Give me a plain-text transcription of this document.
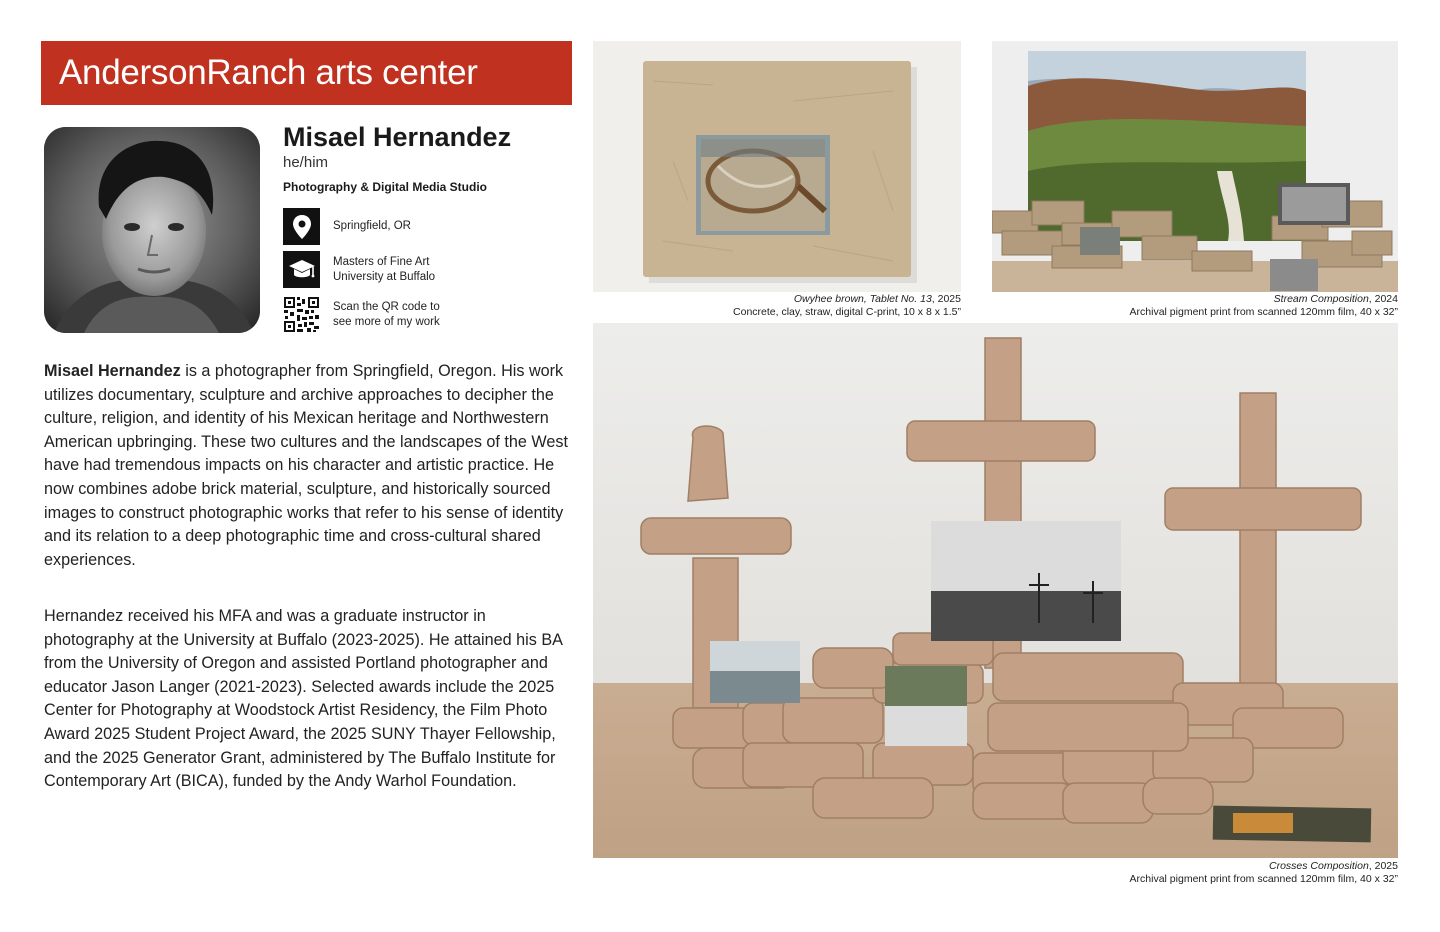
AndersonRanch arts center
Misael Hernandez
he/him
Photography & Digital Media Studio
Springfield, OR
Masters of Fine Art
University at Buffalo
Scan the QR code to
see more of my work

Misael Hernandez is a photographer from Springfield, Oregon. His work utilizes documentary, sculpture and archive approaches to decipher the culture, religion, and identity of his Mexican heritage and Northwestern American upbringing. These two cultures and the landscapes of the West have had tremendous impacts on his character and artistic practice. He now combines adobe brick material, sculpture, and historically sourced images to construct photographic works that refer to his sense of identity and its relation to a deep photographic time and cross-cultural shared experiences.

Hernandez received his MFA and was a graduate instructor in photography at the University at Buffalo (2023-2025). He attained his BA from the University of Oregon and assisted Portland photographer and educator Jason Langer (2021-2023). Selected awards include the 2025 Center for Photography at Woodstock Artist Residency, the Film Photo Award 2025 Student Project Award, the 2025 SUNY Thayer Fellowship, and the 2025 Generator Grant, administered by The Buffalo Institute for Contemporary Art (BICA), funded by the Andy Warhol Foundation.

Owyhee brown, Tablet No. 13, 2025
Concrete, clay, straw, digital C-print, 10 x 8 x 1.5”
Stream Composition, 2024
Archival pigment print from scanned 120mm film, 40 x 32”
Crosses Composition, 2025
Archival pigment print from scanned 120mm film, 40 x 32”
